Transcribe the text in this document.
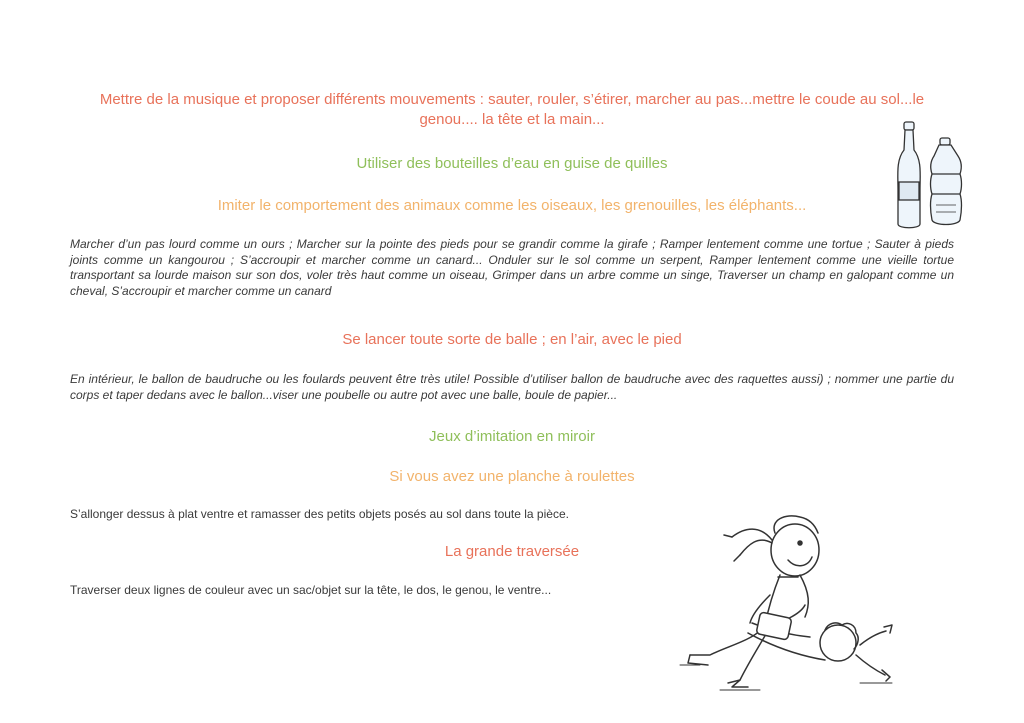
Mettre de la musique et proposer différents mouvements : sauter, rouler, s’étirer, marcher au pas...mettre le coude au sol...le genou.... la tête et la main...

Utiliser des bouteilles d’eau en guise de quilles

Imiter le comportement des animaux comme les oiseaux, les grenouilles, les éléphants...

Marcher d’un pas lourd comme un ours ; Marcher sur la pointe des pieds pour se grandir comme la girafe ; Ramper lentement comme une tortue ; Sauter à pieds joints comme un kangourou ; S’accroupir et marcher comme un canard... Onduler sur le sol comme un serpent, Ramper lentement comme une vieille tortue transportant sa lourde maison sur son dos, voler très haut comme un oiseau, Grimper dans un arbre comme un singe, Traverser un champ en galopant comme un cheval, S’accroupir et marcher comme un canard

Se lancer toute sorte de balle ; en l’air, avec le pied

En intérieur, le ballon de baudruche ou les foulards peuvent être très utile! Possible d’utiliser ballon de baudruche avec des raquettes aussi) ; nommer une partie du corps et taper dedans avec le ballon...viser une poubelle ou autre pot avec une balle, boule de papier...

Jeux d’imitation en miroir

Si vous avez une planche à roulettes

S’allonger dessus à plat ventre et ramasser des petits objets posés au sol dans toute la pièce.

La grande traversée

Traverser deux lignes de couleur avec un sac/objet sur la tête, le dos, le genou, le ventre...
